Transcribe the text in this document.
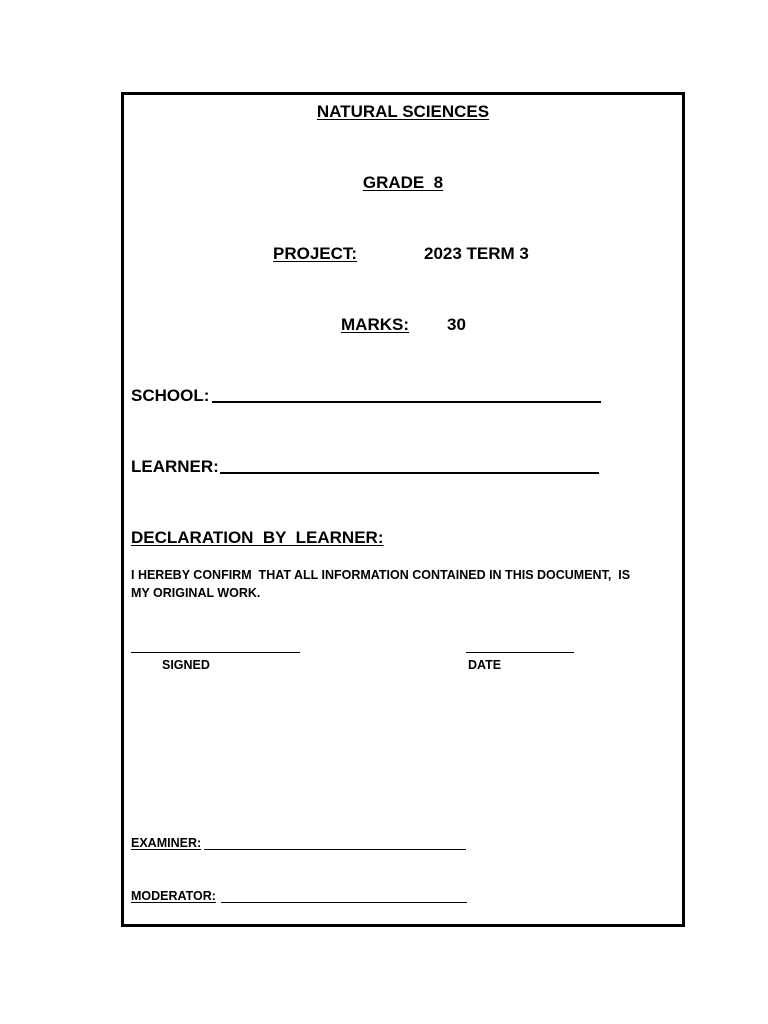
NATURAL SCIENCES
GRADE  8
PROJECT:	2023 TERM 3
MARKS: 30
SCHOOL:
LEARNER:
DECLARATION  BY  LEARNER:
I HEREBY CONFIRM  THAT ALL INFORMATION CONTAINED IN THIS DOCUMENT,  IS
MY ORIGINAL WORK.
SIGNED	DATE
EXAMINER:
MODERATOR:
